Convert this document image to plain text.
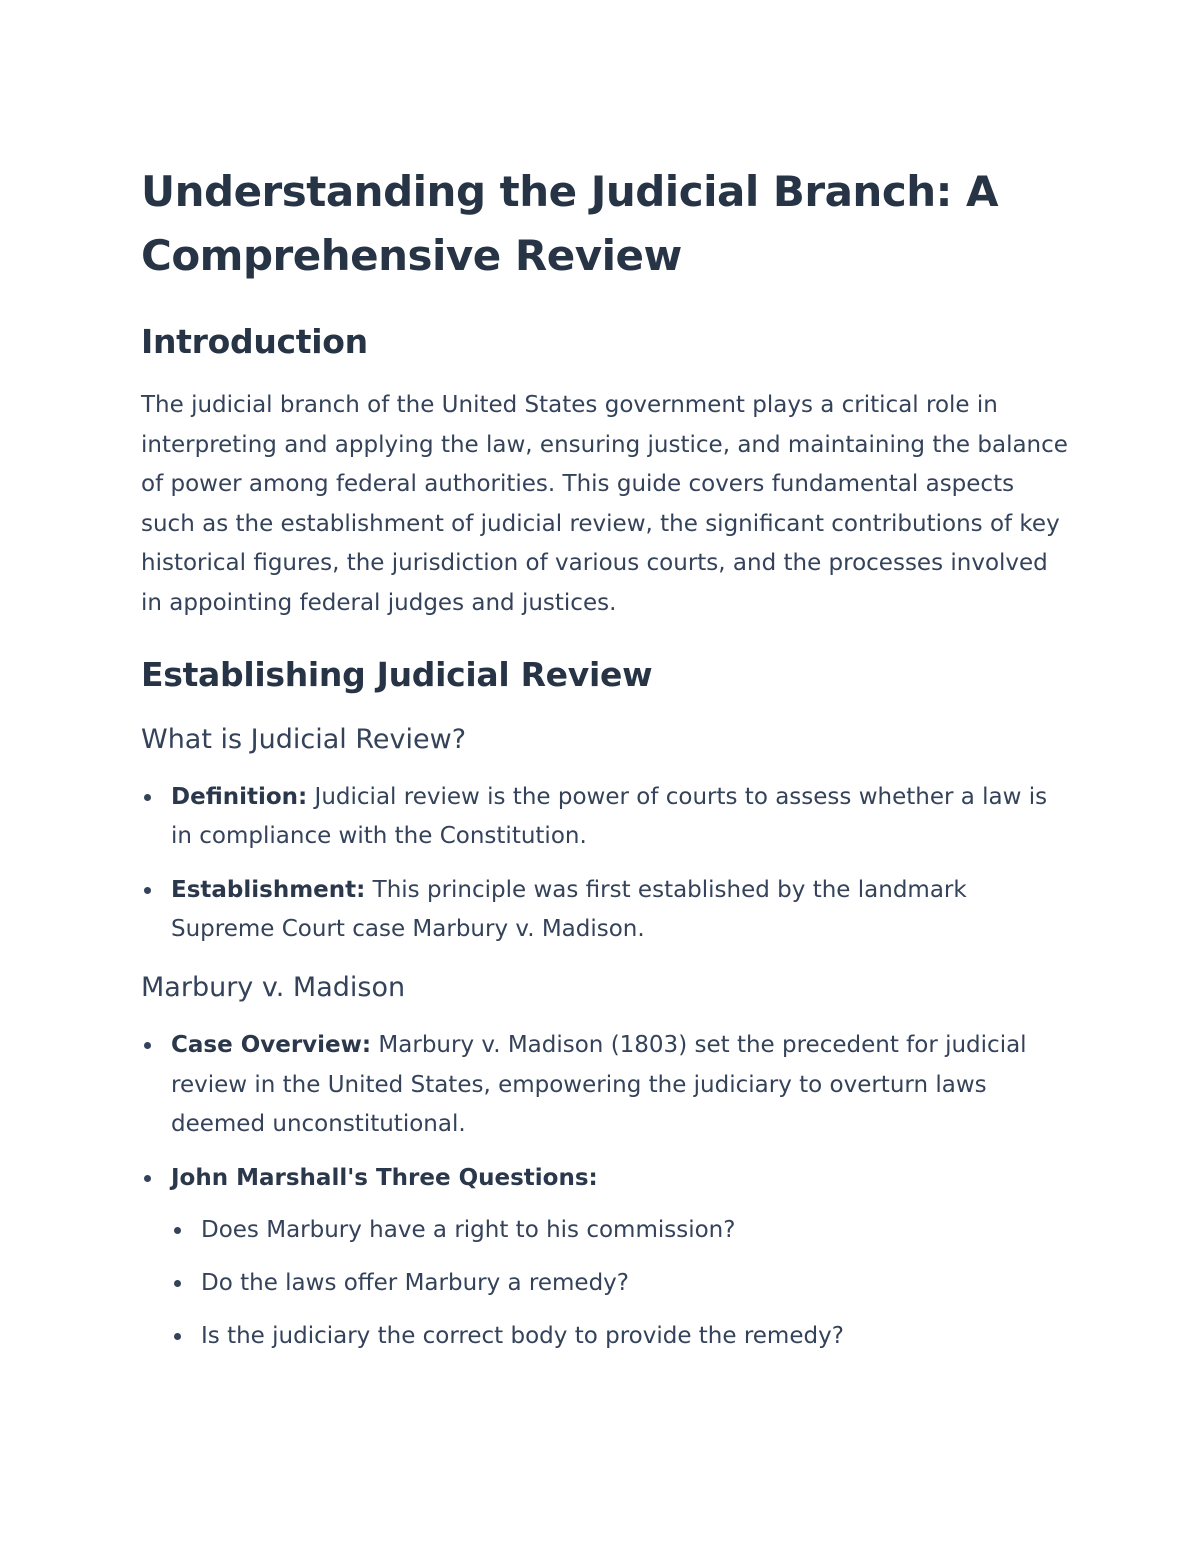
Understanding the Judicial Branch: A Comprehensive Review
Introduction

The judicial branch of the United States government plays a critical role in interpreting and applying the law, ensuring justice, and maintaining the balance of power among federal authorities. This guide covers fundamental aspects such as the establishment of judicial review, the significant contributions of key historical figures, the jurisdiction of various courts, and the processes involved in appointing federal judges and justices.

Establishing Judicial Review
What is Judicial Review?
Definition: Judicial review is the power of courts to assess whether a law is in compliance with the Constitution.
Establishment: This principle was first established by the landmark Supreme Court case Marbury v. Madison.
Marbury v. Madison
Case Overview: Marbury v. Madison (1803) set the precedent for judicial review in the United States, empowering the judiciary to overturn laws deemed unconstitutional.
John Marshall's Three Questions:
Does Marbury have a right to his commission?
Do the laws offer Marbury a remedy?
Is the judiciary the correct body to provide the remedy?
